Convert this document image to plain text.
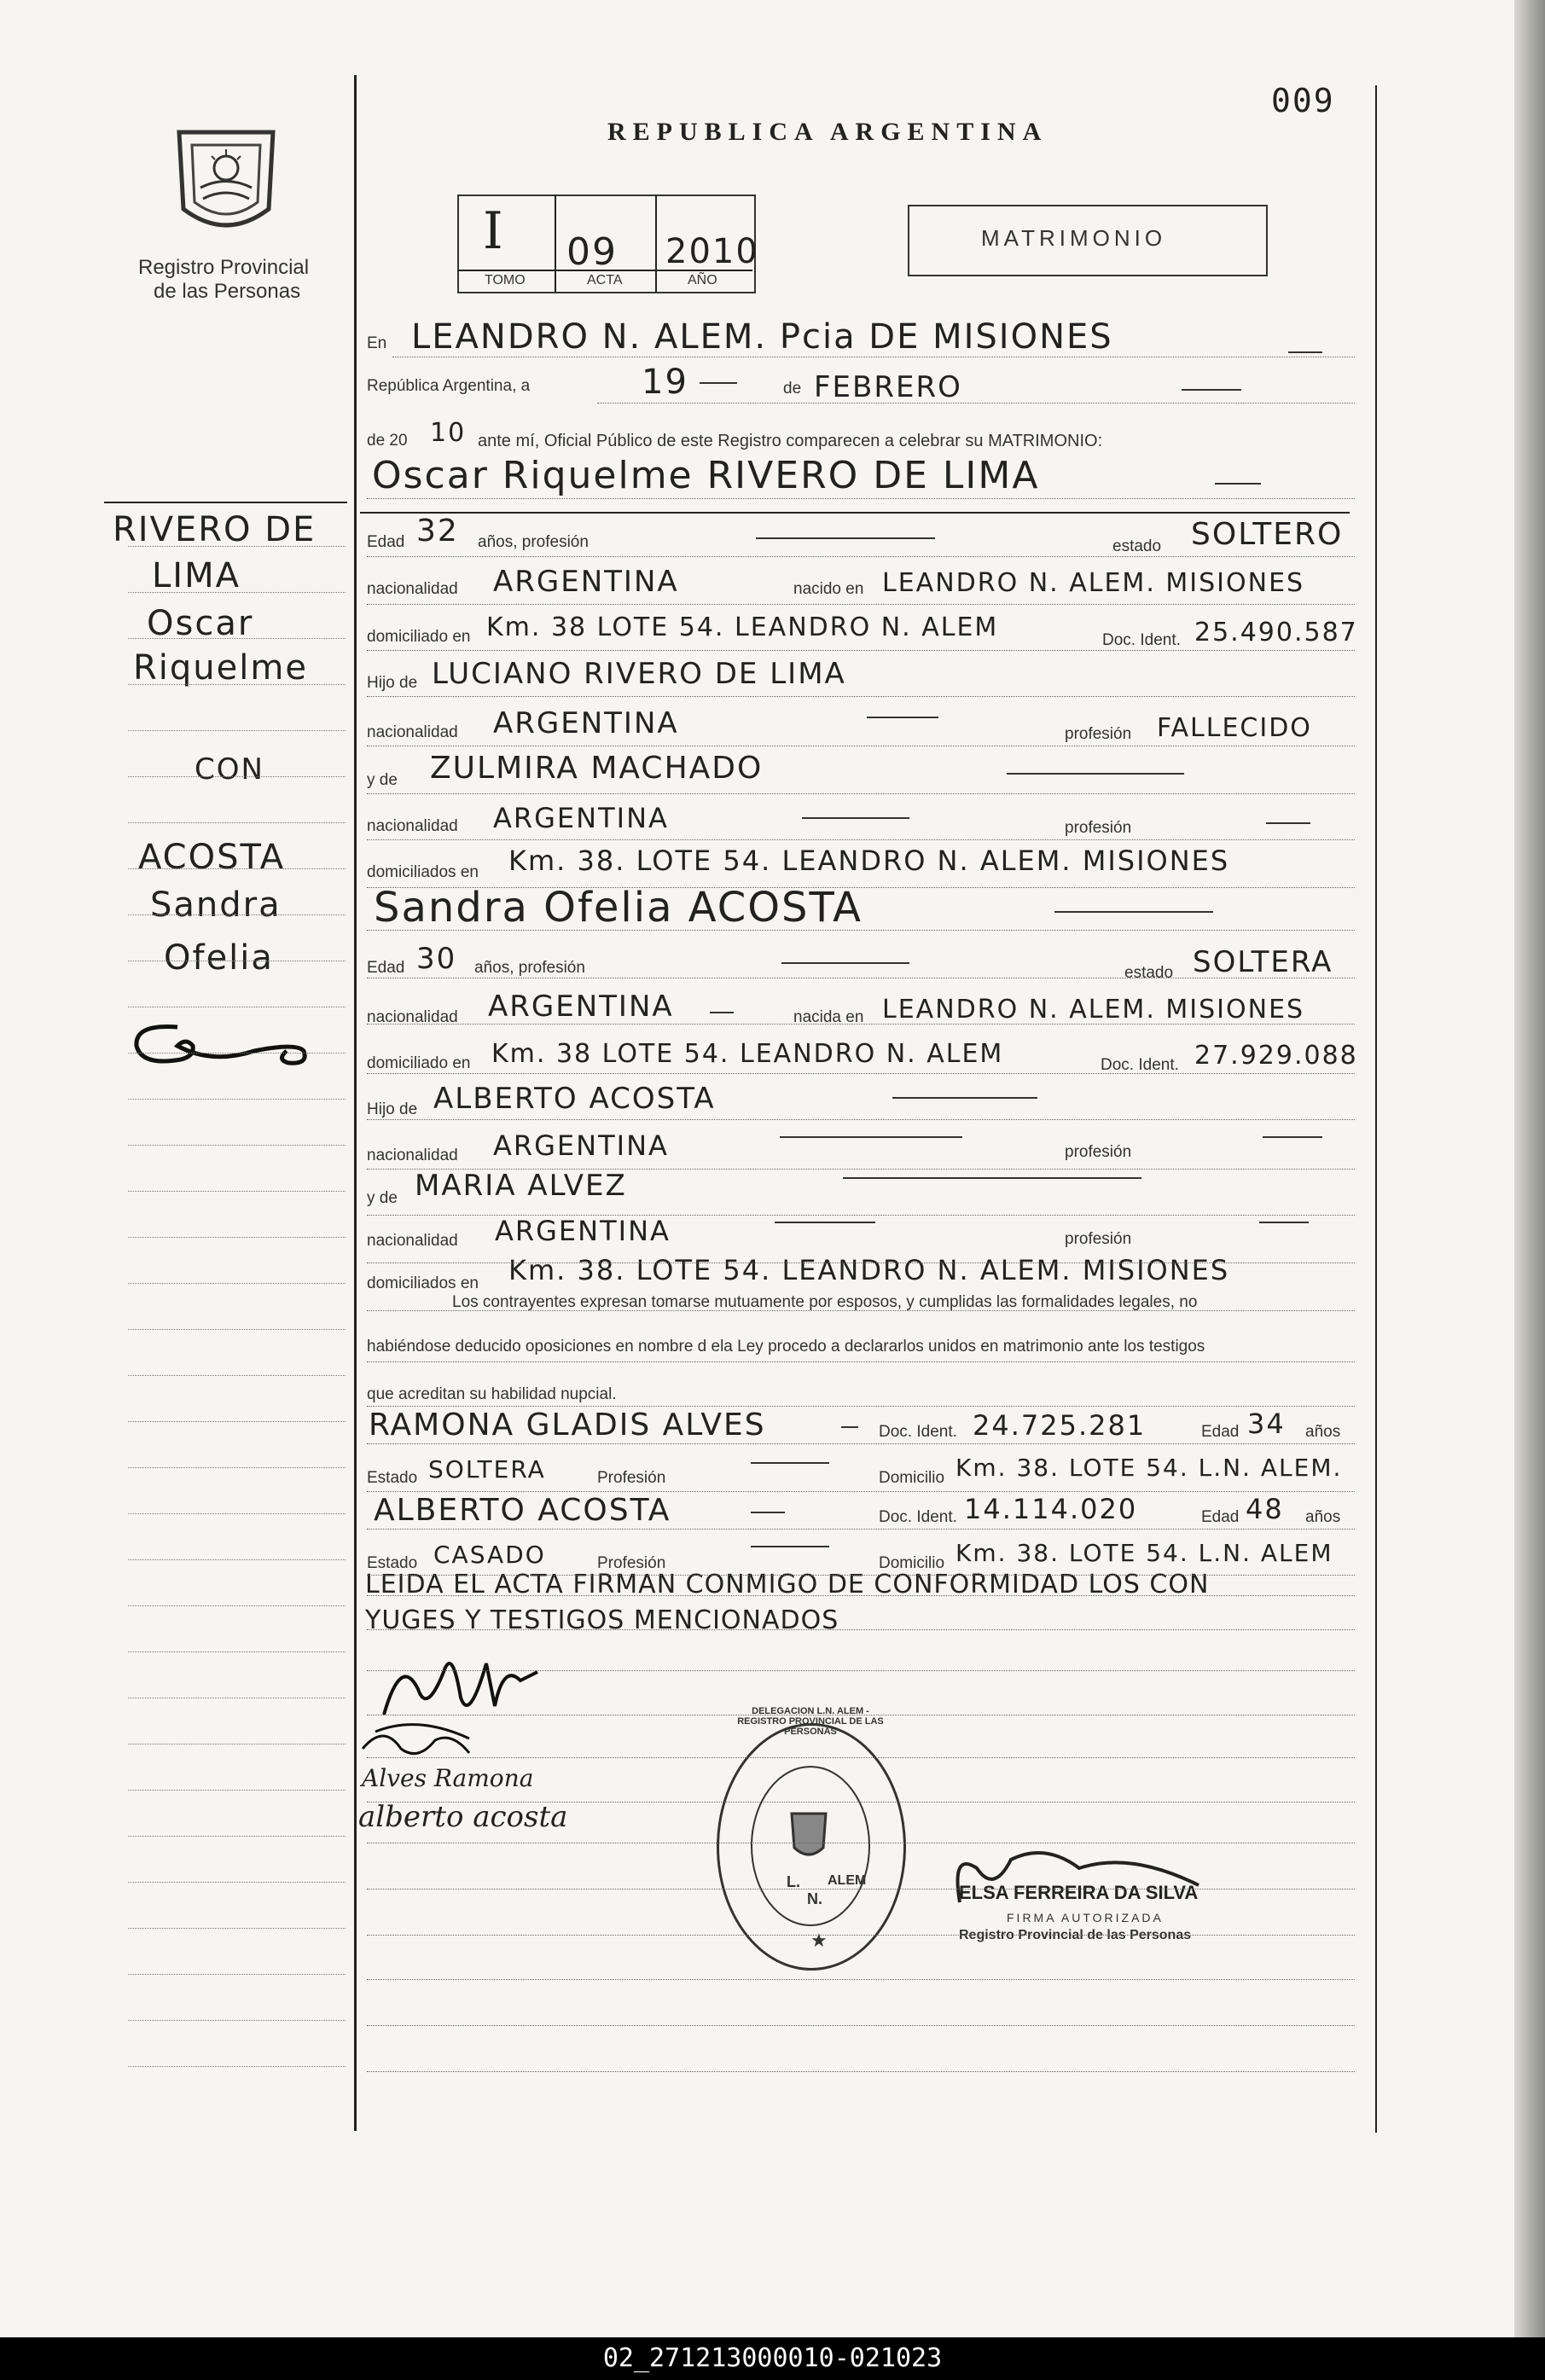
009
Registro Provincial
de las Personas
REPUBLICA ARGENTINA
I 09 2010
TOMO	ACTA	AÑO
MATRIMONIO
En LEANDRO N. ALEM. Pcia DE MISIONES
República Argentina, a	19	de FEBRERO
de 20 10 ante mí, Oficial Público de este Registro comparecen a celebrar su MATRIMONIO:
Oscar Riquelme RIVERO DE LIMA
Edad 32 años, profesión	estado SOLTERO
nacionalidad ARGENTINA	nacido en LEANDRO N. ALEM. MISIONES
domiciliado en Km. 38 LOTE 54. LEANDRO N. ALEM	Doc. Ident. 25.490.587
Hijo de LUCIANO RIVERO DE LIMA
nacionalidad ARGENTINA	profesión FALLECIDO
y de ZULMIRA MACHADO
nacionalidad ARGENTINA	profesión
domiciliados en Km. 38. LOTE 54. LEANDRO N. ALEM. MISIONES
Sandra Ofelia ACOSTA
Edad 30 años, profesión	estado SOLTERA
nacionalidad ARGENTINA	nacida en LEANDRO N. ALEM. MISIONES
domiciliado en Km. 38 LOTE 54. LEANDRO N. ALEM	Doc. Ident. 27.929.088
Hijo de ALBERTO ACOSTA
nacionalidad ARGENTINA	profesión
y de MARIA ALVEZ
nacionalidad ARGENTINA	profesión
domiciliados en Km. 38. LOTE 54. LEANDRO N. ALEM. MISIONES
Los contrayentes expresan tomarse mutuamente por esposos, y cumplidas las formalidades legales, no
habiéndose deducido oposiciones en nombre d ela Ley procedo a declararlos unidos en matrimonio ante los testigos
que acreditan su habilidad nupcial.
RAMONA GLADIS ALVES	Doc. Ident. 24.725.281	Edad 34 años
Estado SOLTERA	Profesión	Domicilio Km. 38. LOTE 54. L.N. ALEM.
ALBERTO ACOSTA	Doc. Ident. 14.114.020	Edad 48 años
Estado CASADO	Profesión	Domicilio Km. 38. LOTE 54. L.N. ALEM
LEIDA EL ACTA FIRMAN CONMIGO DE CONFORMIDAD LOS CON
YUGES Y TESTIGOS MENCIONADOS
Alves Ramona
alberto acosta
DELEGACION L.N. ALEM - REGISTRO PROVINCIAL DE LAS PERSONAS
L.
N.
ALEM
★
ELSA FERREIRA DA SILVA
FIRMA AUTORIZADA
Registro Provincial de las Personas
RIVERO DE
LIMA
Oscar
Riquelme
CON
ACOSTA
Sandra
Ofelia
02_271213000010-021023
